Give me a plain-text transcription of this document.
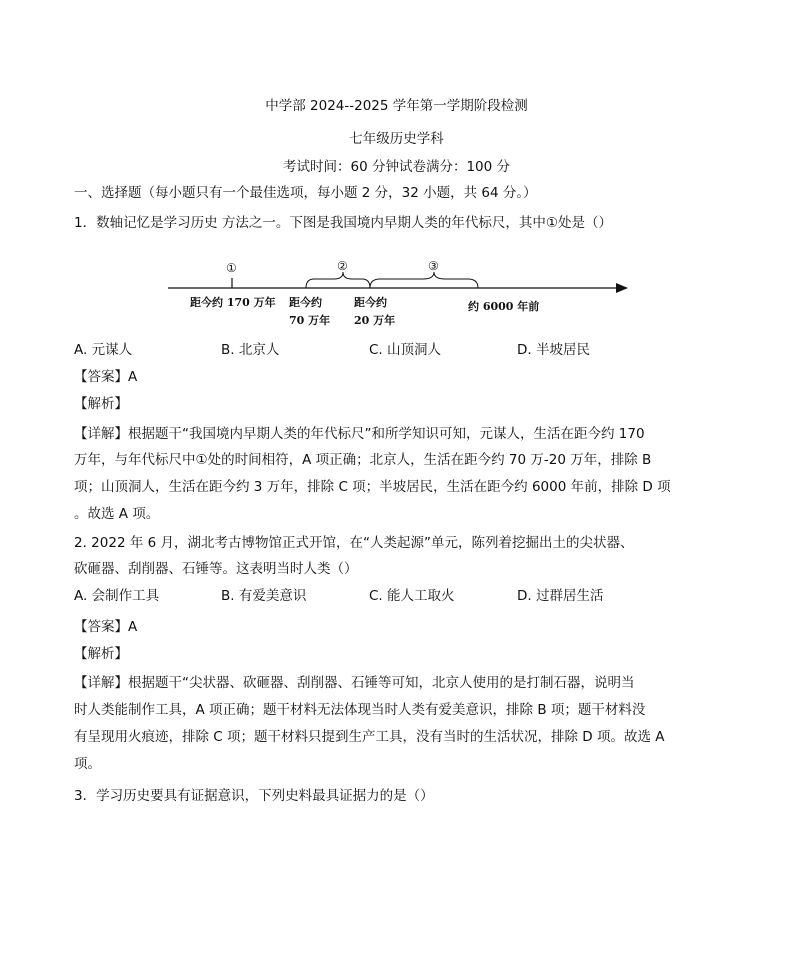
中学部 2024--2025 学年第一学期阶段检测
七年级历史学科
考试时间：60 分钟试卷满分：100 分
一、选择题（每小题只有一个最佳选项，每小题 2 分，32 小题，共 64 分。）
1．数轴记忆是学习历史 方法之一。下图是我国境内早期人类的年代标尺，其中①处是（）
①	②	③
距今约 170 万年 距今约
70 万年
距今约
20 万年
约 6000 年前
A. 元谋人	B. 北京人	C. 山顶洞人	D. 半坡居民
【答案】A
【解析】
【详解】根据题干“我国境内早期人类的年代标尺”和所学知识可知，元谋人，生活在距今约 170
万年，与年代标尺中①处的时间相符，A 项正确；北京人，生活在距今约 70 万-20 万年，排除 B
项；山顶洞人，生活在距今约 3 万年，排除 C 项；半坡居民，生活在距今约 6000 年前，排除 D 项
。故选 A 项。
2. 2022 年 6 月，湖北考古博物馆正式开馆，在“人类起源”单元，陈列着挖掘出土的尖状器、
砍砸器、刮削器、石锤等。这表明当时人类（）
A. 会制作工具	B. 有爱美意识	C. 能人工取火	D. 过群居生活
【答案】A
【解析】
【详解】根据题干“尖状器、砍砸器、刮削器、石锤等可知，北京人使用的是打制石器，说明当
时人类能制作工具，A 项正确；题干材料无法体现当时人类有爱美意识，排除 B 项；题干材料没
有呈现用火痕迹，排除 C 项；题干材料只提到生产工具，没有当时的生活状况，排除 D 项。故选 A
项。
3．学习历史要具有证据意识，下列史料最具证据力的是（）
